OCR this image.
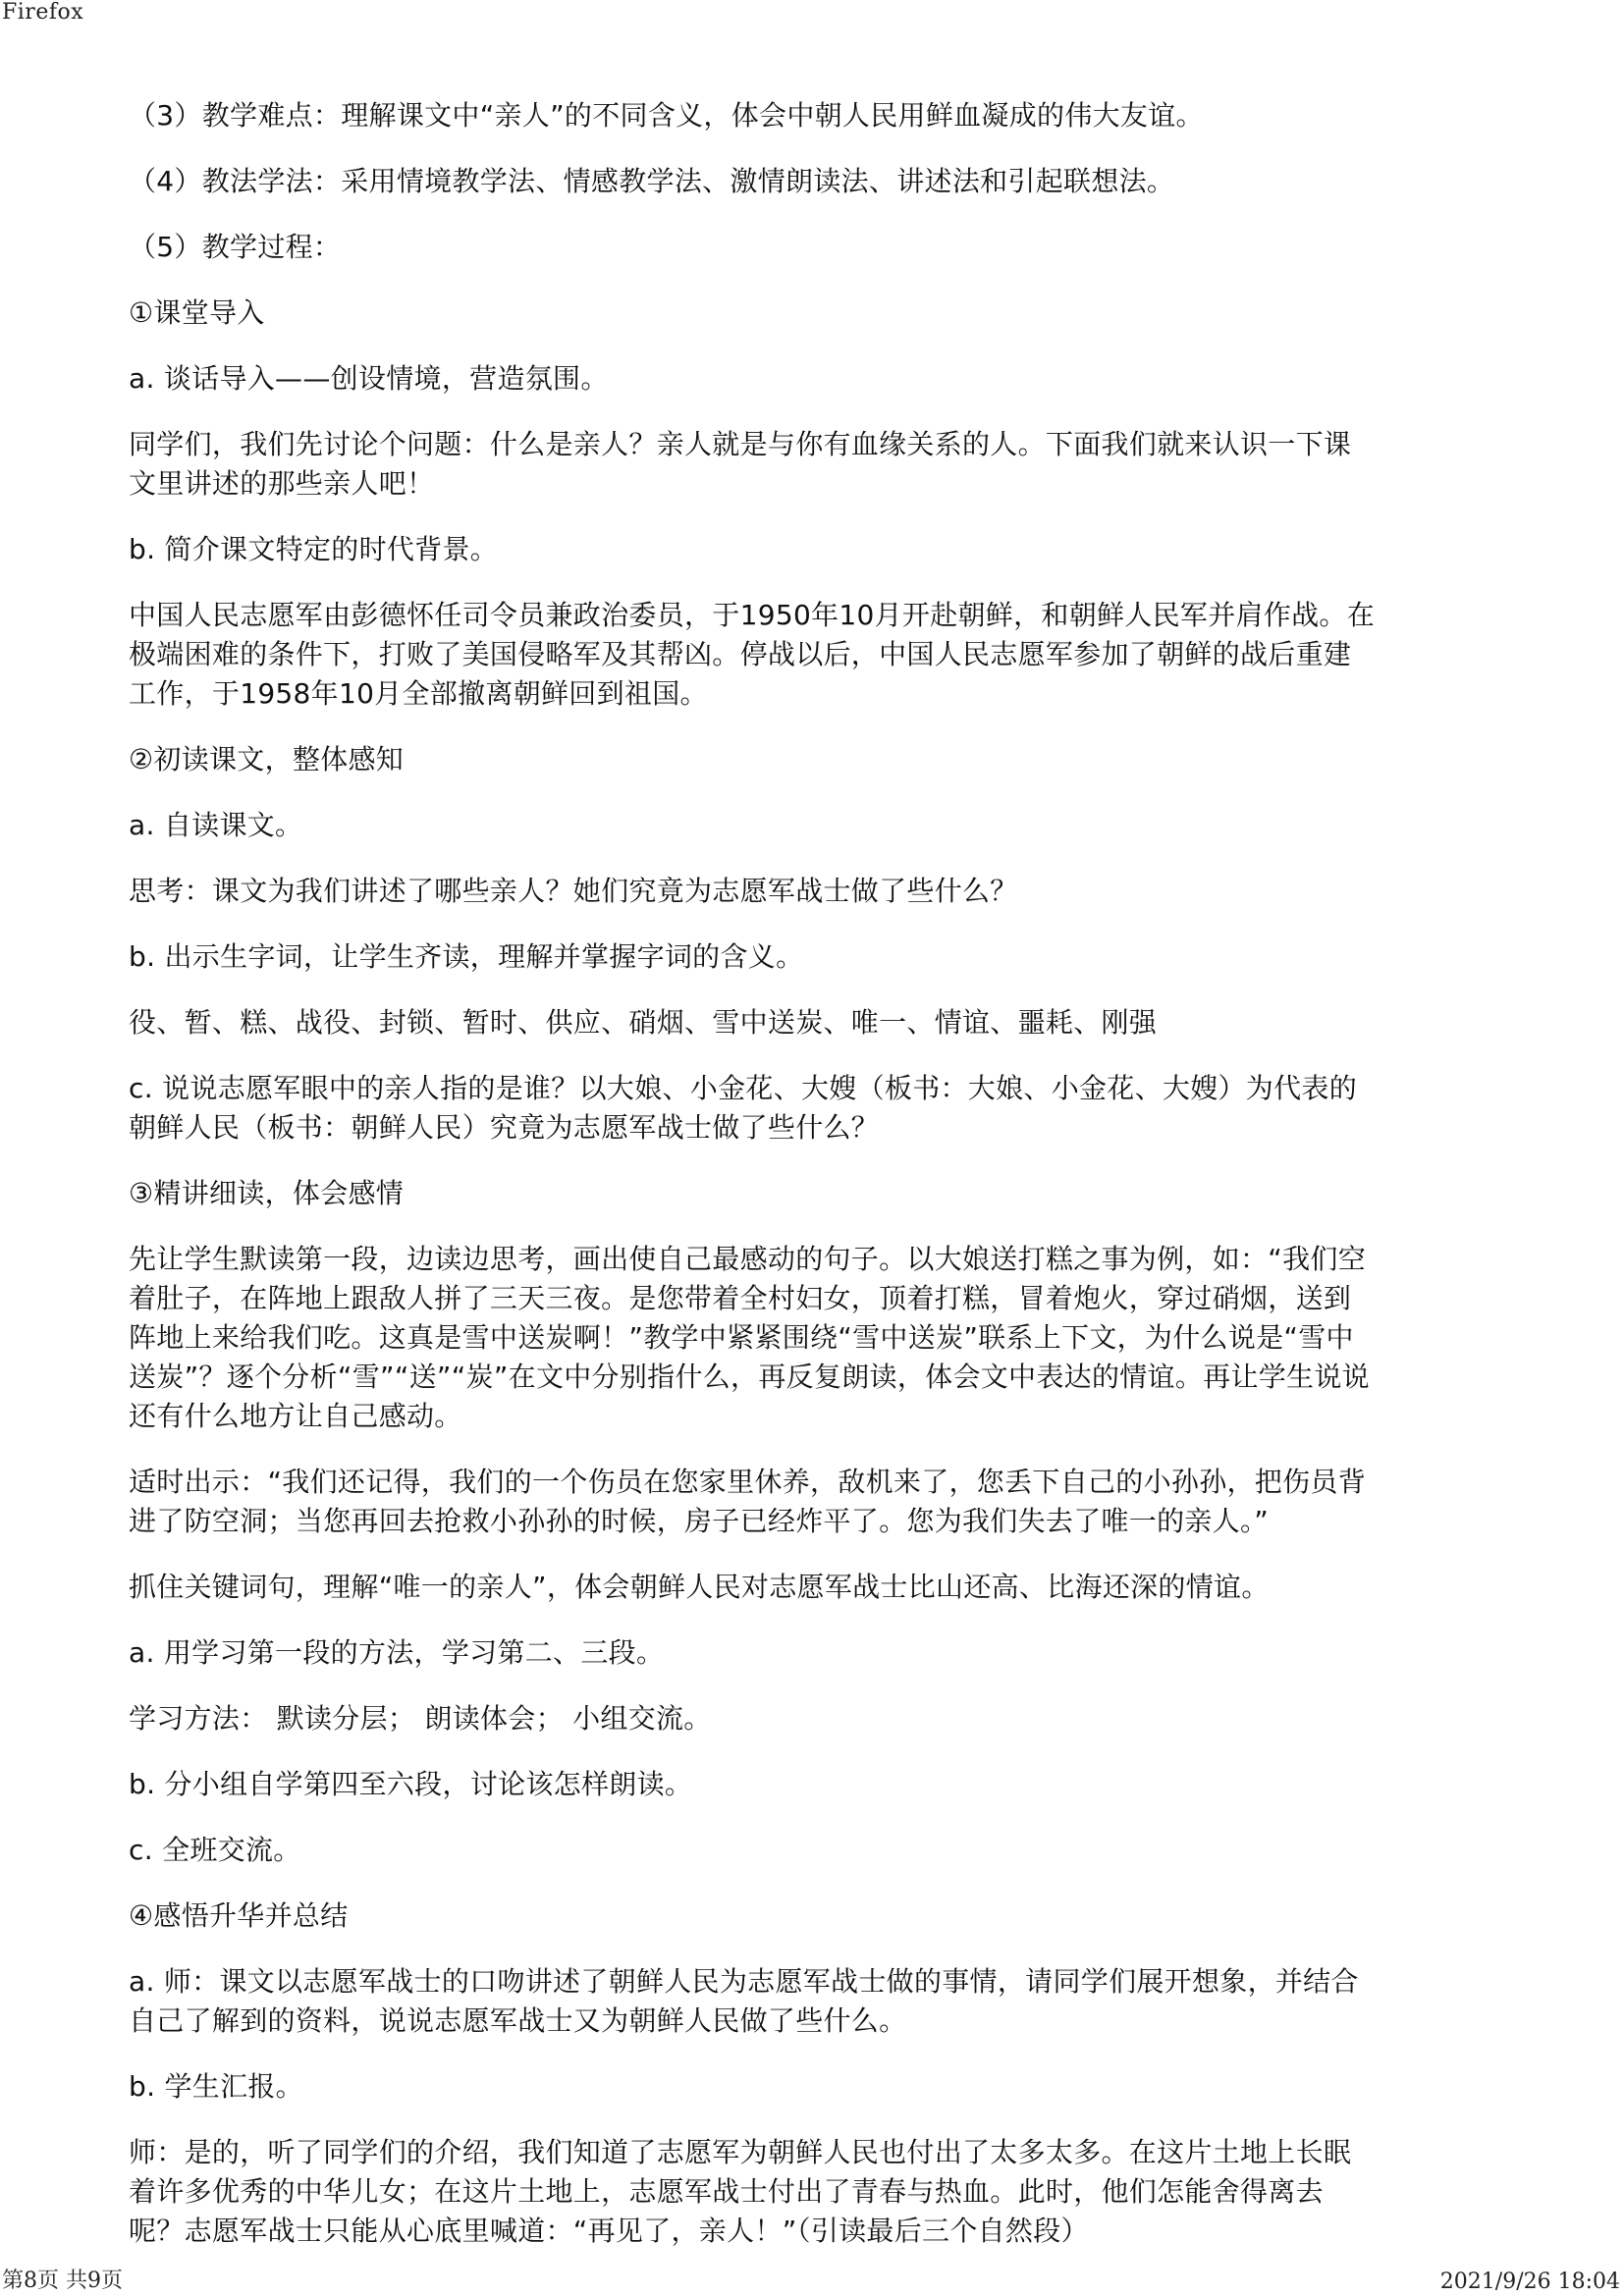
Firefox

（3）教学难点：理解课文中“亲人”的不同含义，体会中朝人民用鲜血凝成的伟大友谊。

（4）教法学法：采用情境教学法、情感教学法、激情朗读法、讲述法和引起联想法。

（5）教学过程：

①课堂导入

a. 谈话导入——创设情境，营造氛围。

同学们，我们先讨论个问题：什么是亲人？亲人就是与你有血缘关系的人。下面我们就来认识一下课文里讲述的那些亲人吧！

b. 简介课文特定的时代背景。

中国人民志愿军由彭德怀任司令员兼政治委员，于1950年10月开赴朝鲜，和朝鲜人民军并肩作战。在极端困难的条件下，打败了美国侵略军及其帮凶。停战以后，中国人民志愿军参加了朝鲜的战后重建工作，于1958年10月全部撤离朝鲜回到祖国。

②初读课文，整体感知

a. 自读课文。

思考：课文为我们讲述了哪些亲人？她们究竟为志愿军战士做了些什么？

b. 出示生字词，让学生齐读，理解并掌握字词的含义。

役、暂、糕、战役、封锁、暂时、供应、硝烟、雪中送炭、唯一、情谊、噩耗、刚强

c. 说说志愿军眼中的亲人指的是谁？以大娘、小金花、大嫂（板书：大娘、小金花、大嫂）为代表的朝鲜人民（板书：朝鲜人民）究竟为志愿军战士做了些什么？

③精讲细读，体会感情

先让学生默读第一段，边读边思考，画出使自己最感动的句子。以大娘送打糕之事为例，如：“我们空着肚子，在阵地上跟敌人拼了三天三夜。是您带着全村妇女，顶着打糕，冒着炮火，穿过硝烟，送到阵地上来给我们吃。这真是雪中送炭啊！”教学中紧紧围绕“雪中送炭”联系上下文，为什么说是“雪中送炭”？逐个分析“雪”“送”“炭”在文中分别指什么，再反复朗读，体会文中表达的情谊。再让学生说说还有什么地方让自己感动。

适时出示：“我们还记得，我们的一个伤员在您家里休养，敌机来了，您丢下自己的小孙孙，把伤员背进了防空洞；当您再回去抢救小孙孙的时候，房子已经炸平了。您为我们失去了唯一的亲人。”

抓住关键词句，理解“唯一的亲人”，体会朝鲜人民对志愿军战士比山还高、比海还深的情谊。

a. 用学习第一段的方法，学习第二、三段。

学习方法： 默读分层； 朗读体会； 小组交流。

b. 分小组自学第四至六段，讨论该怎样朗读。

c. 全班交流。

④感悟升华并总结

a. 师：课文以志愿军战士的口吻讲述了朝鲜人民为志愿军战士做的事情，请同学们展开想象，并结合自己了解到的资料，说说志愿军战士又为朝鲜人民做了些什么。

b. 学生汇报。

师：是的，听了同学们的介绍，我们知道了志愿军为朝鲜人民也付出了太多太多。在这片土地上长眠着许多优秀的中华儿女；在这片土地上，志愿军战士付出了青春与热血。此时，他们怎能舍得离去呢？志愿军战士只能从心底里喊道：“再见了，亲人！”（引读最后三个自然段）

第8页 共9页	2021/9/26 18:04
